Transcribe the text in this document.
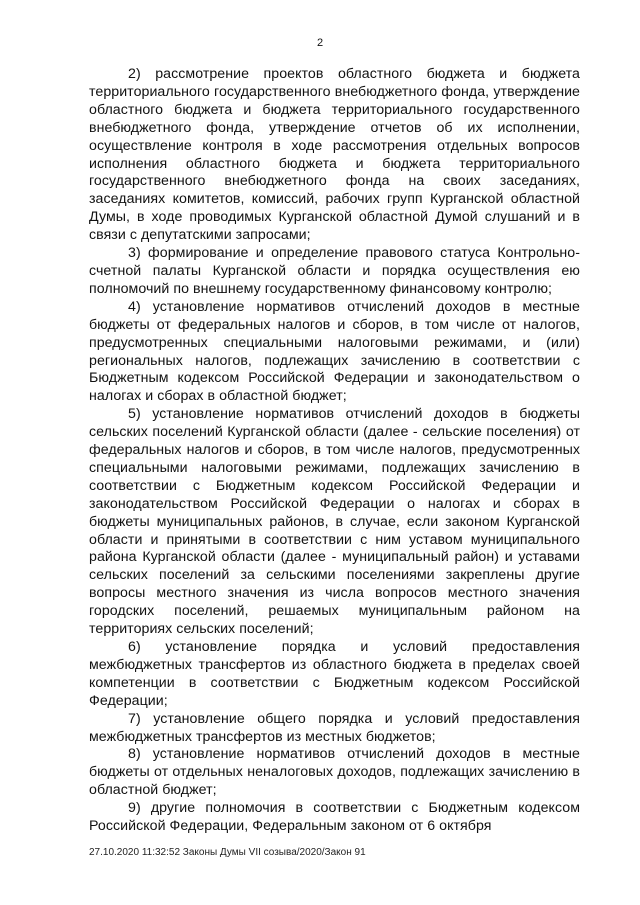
2

2) рассмотрение проектов областного бюджета и бюджета территориального государственного внебюджетного фонда, утверждение областного бюджета и бюджета территориального государственного внебюджетного фонда, утверждение отчетов об их исполнении, осуществление контроля в ходе рассмотрения отдельных вопросов исполнения областного бюджета и бюджета территориального государственного внебюджетного фонда на своих заседаниях, заседаниях комитетов, комиссий, рабочих групп Курганской областной Думы, в ходе проводимых Курганской областной Думой слушаний и в связи с депутатскими запросами;

3) формирование и определение правового статуса Контрольно-счетной палаты Курганской области и порядка осуществления ею полномочий по внешнему государственному финансовому контролю;

4) установление нормативов отчислений доходов в местные бюджеты от федеральных налогов и сборов, в том числе от налогов, предусмотренных специальными налоговыми режимами, и (или) региональных налогов, подлежащих зачислению в соответствии с Бюджетным кодексом Российской Федерации и законодательством о налогах и сборах в областной бюджет;

5) установление нормативов отчислений доходов в бюджеты сельских поселений Курганской области (далее - сельские поселения) от федеральных налогов и сборов, в том числе налогов, предусмотренных специальными налоговыми режимами, подлежащих зачислению в соответствии с Бюджетным кодексом Российской Федерации и законодательством Российской Федерации о налогах и сборах в бюджеты муниципальных районов, в случае, если законом Курганской области и принятыми в соответствии с ним уставом муниципального района Курганской области (далее - муниципальный район) и уставами сельских поселений за сельскими поселениями закреплены другие вопросы местного значения из числа вопросов местного значения городских поселений, решаемых муниципальным районом на территориях сельских поселений;

6) установление порядка и условий предоставления межбюджетных трансфертов из областного бюджета в пределах своей компетенции в соответствии с Бюджетным кодексом Российской Федерации;

7) установление общего порядка и условий предоставления межбюджетных трансфертов из местных бюджетов;

8) установление нормативов отчислений доходов в местные бюджеты от отдельных неналоговых доходов, подлежащих зачислению в областной бюджет;

9) другие полномочия в соответствии с Бюджетным кодексом Российской Федерации, Федеральным законом от 6 октября

27.10.2020 11:32:52 Законы Думы VII созыва/2020/Закон 91
